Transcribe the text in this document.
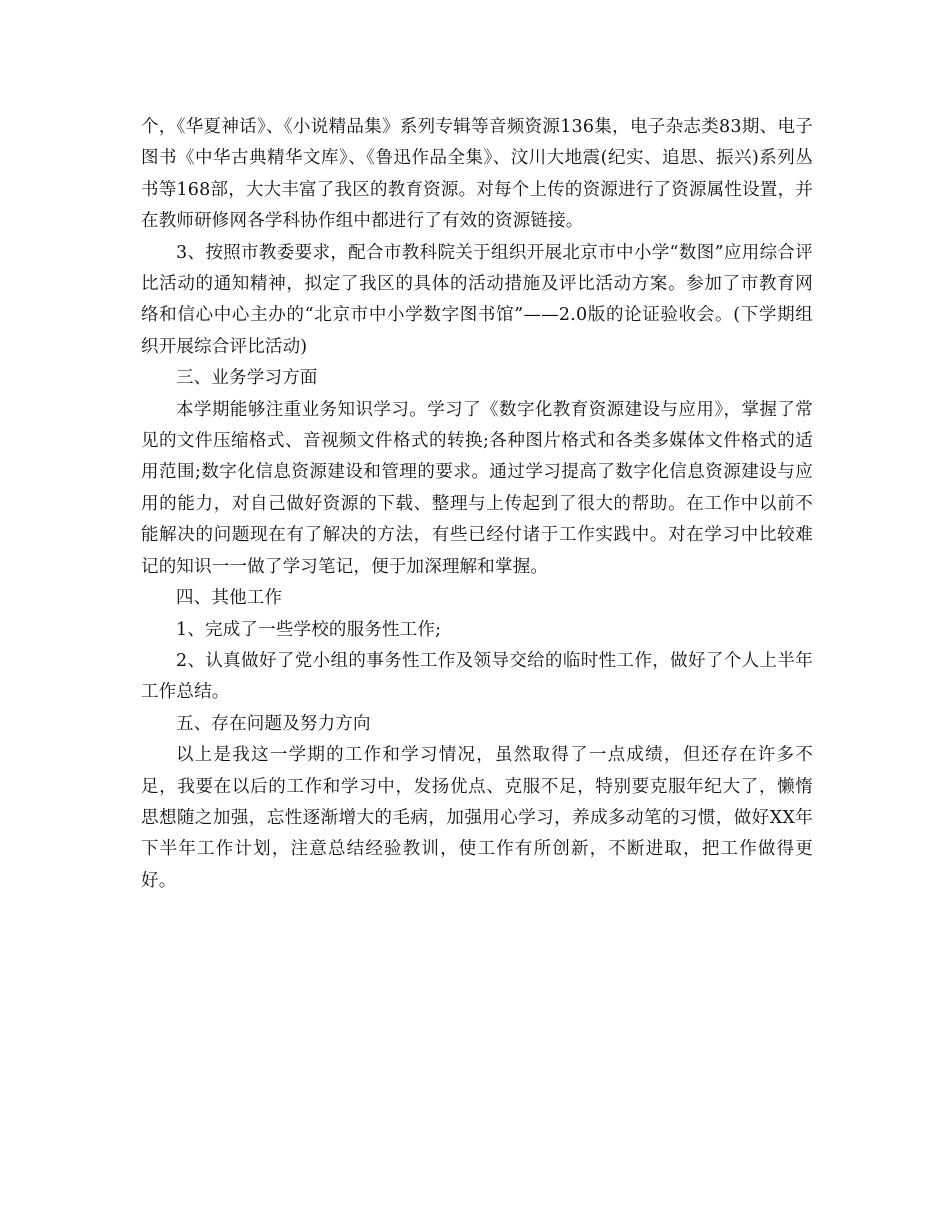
个，《华夏神话》、《小说精品集》系列专辑等音频资源136集，电子杂志类83期、电子图书《中华古典精华文库》、《鲁迅作品全集》、汶川大地震(纪实、追思、振兴)系列丛书等168部，大大丰富了我区的教育资源。对每个上传的资源进行了资源属性设置，并在教师研修网各学科协作组中都进行了有效的资源链接。

3、按照市教委要求，配合市教科院关于组织开展北京市中小学“数图”应用综合评比活动的通知精神，拟定了我区的具体的活动措施及评比活动方案。参加了市教育网络和信心中心主办的“北京市中小学数字图书馆”——2.0版的论证验收会。(下学期组织开展综合评比活动)

三、业务学习方面

本学期能够注重业务知识学习。学习了《数字化教育资源建设与应用》，掌握了常见的文件压缩格式、音视频文件格式的转换;各种图片格式和各类多媒体文件格式的适用范围;数字化信息资源建设和管理的要求。通过学习提高了数字化信息资源建设与应用的能力，对自己做好资源的下载、整理与上传起到了很大的帮助。在工作中以前不能解决的问题现在有了解决的方法，有些已经付诸于工作实践中。对在学习中比较难记的知识一一做了学习笔记，便于加深理解和掌握。

四、其他工作

1、完成了一些学校的服务性工作;

2、认真做好了党小组的事务性工作及领导交给的临时性工作，做好了个人上半年工作总结。

五、存在问题及努力方向

以上是我这一学期的工作和学习情况，虽然取得了一点成绩，但还存在许多不足，我要在以后的工作和学习中，发扬优点、克服不足，特别要克服年纪大了，懒惰思想随之加强，忘性逐渐增大的毛病，加强用心学习，养成多动笔的习惯，做好XX年下半年工作计划，注意总结经验教训，使工作有所创新，不断进取，把工作做得更好。
